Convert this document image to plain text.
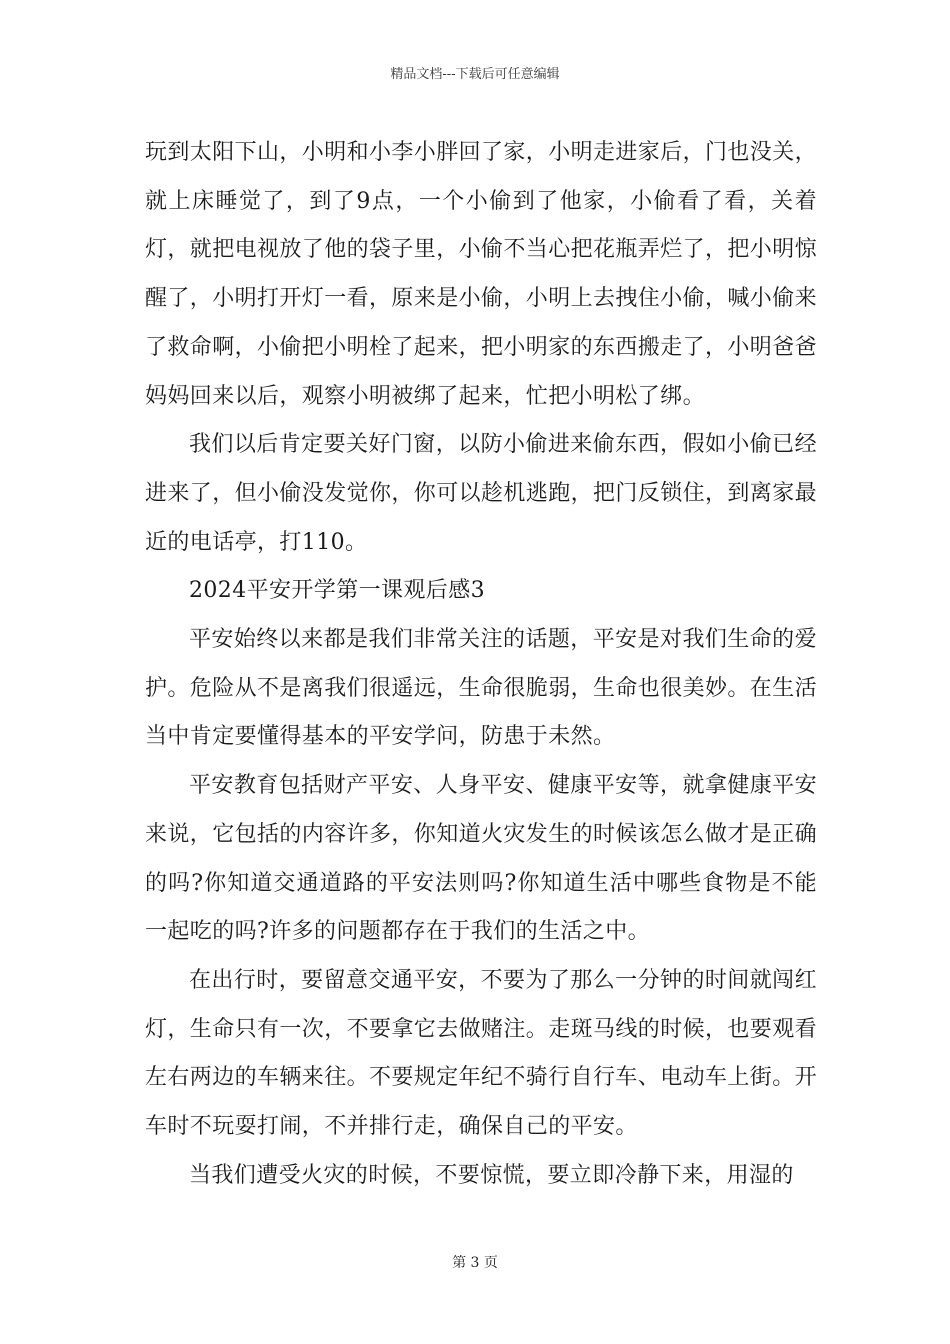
精品文档---下载后可任意编辑

玩到太阳下山，小明和小李小胖回了家，小明走进家后，门也没关，就上床睡觉了，到了9点，一个小偷到了他家，小偷看了看，关着灯，就把电视放了他的袋子里，小偷不当心把花瓶弄烂了，把小明惊醒了，小明打开灯一看，原来是小偷，小明上去拽住小偷，喊小偷来了救命啊，小偷把小明栓了起来，把小明家的东西搬走了，小明爸爸妈妈回来以后，观察小明被绑了起来，忙把小明松了绑。

我们以后肯定要关好门窗，以防小偷进来偷东西，假如小偷已经进来了，但小偷没发觉你，你可以趁机逃跑，把门反锁住，到离家最近的电话亭，打110。

2024平安开学第一课观后感3

平安始终以来都是我们非常关注的话题，平安是对我们生命的爱护。危险从不是离我们很遥远，生命很脆弱，生命也很美妙。在生活当中肯定要懂得基本的平安学问，防患于未然。

平安教育包括财产平安、人身平安、健康平安等，就拿健康平安来说，它包括的内容许多，你知道火灾发生的时候该怎么做才是正确的吗?你知道交通道路的平安法则吗?你知道生活中哪些食物是不能一起吃的吗?许多的问题都存在于我们的生活之中。

在出行时，要留意交通平安，不要为了那么一分钟的时间就闯红灯，生命只有一次，不要拿它去做赌注。走斑马线的时候，也要观看左右两边的车辆来往。不要规定年纪不骑行自行车、电动车上街。开车时不玩耍打闹，不并排行走，确保自己的平安。

当我们遭受火灾的时候，不要惊慌，要立即冷静下来，用湿的

第 3 页
